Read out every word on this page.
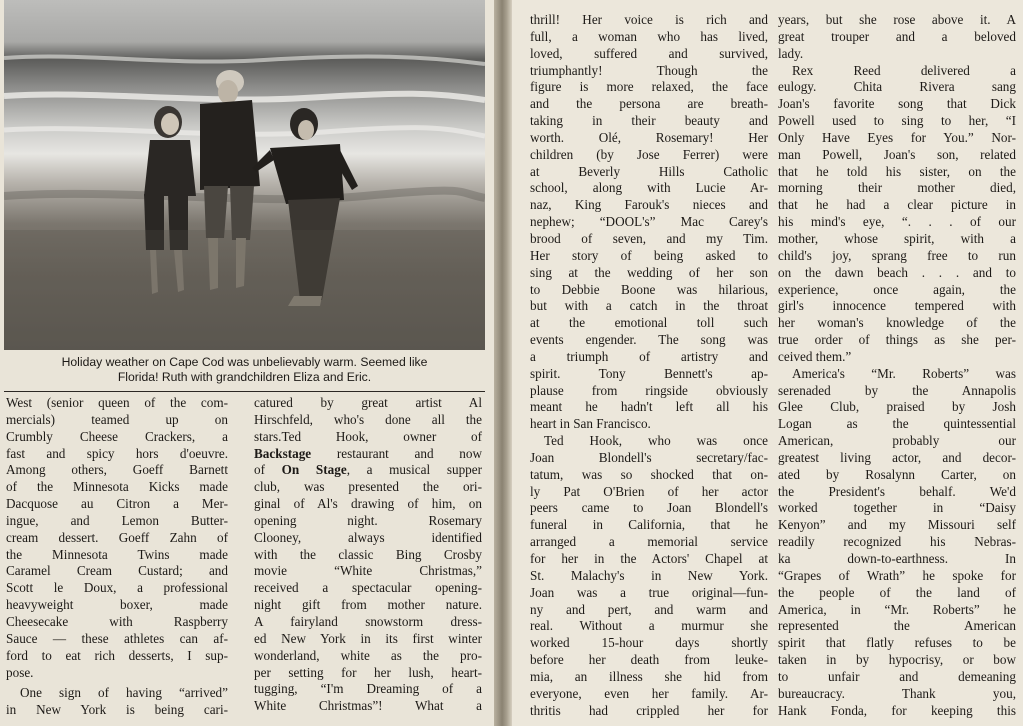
Holiday weather on Cape Cod was unbelievably warm. Seemed like
Florida! Ruth with grandchildren Eliza and Eric.
West (senior queen of the com-
mercials) teamed up on
Crumbly Cheese Crackers, a
fast and spicy hors d'oeuvre.
Among others, Goeff Barnett
of the Minnesota Kicks made
Dacquose au Citron a Mer-
ingue, and Lemon Butter-
cream dessert. Goeff Zahn of
the Minnesota Twins made
Caramel Cream Custard; and
Scott le Doux, a professional
heavyweight boxer, made
Cheesecake with Raspberry
Sauce — these athletes can af-
ford to eat rich desserts, I sup-
pose.
One sign of having “arrived”
in New York is being cari-
catured by great artist Al
Hirschfeld, who's done all the
stars.Ted Hook, owner of
Backstage restaurant and now
of On Stage, a musical supper
club, was presented the ori-
ginal of Al's drawing of him, on
opening night. Rosemary
Clooney, always identified
with the classic Bing Crosby
movie “White Christmas,”
received a spectacular opening-
night gift from mother nature.
A fairyland snowstorm dress-
ed New York in its first winter
wonderland, white as the pro-
per setting for her lush, heart-
tugging, “I'm Dreaming of a
White Christmas”! What a
thrill! Her voice is rich and
full, a woman who has lived,
loved, suffered and survived,
triumphantly! Though the
figure is more relaxed, the face
and the persona are breath-
taking in their beauty and
worth. Olé, Rosemary! Her
children (by Jose Ferrer) were
at Beverly Hills Catholic
school, along with Lucie Ar-
naz, King Farouk's nieces and
nephew; “DOOL's” Mac Carey's
brood of seven, and my Tim.
Her story of being asked to
sing at the wedding of her son
to Debbie Boone was hilarious,
but with a catch in the throat
at the emotional toll such
events engender. The song was
a triumph of artistry and
spirit. Tony Bennett's ap-
plause from ringside obviously
meant he hadn't left all his
heart in San Francisco.
Ted Hook, who was once
Joan Blondell's secretary/fac-
tatum, was so shocked that on-
ly Pat O'Brien of her actor
peers came to Joan Blondell's
funeral in California, that he
arranged a memorial service
for her in the Actors' Chapel at
St. Malachy's in New York.
Joan was a true original—fun-
ny and pert, and warm and
real. Without a murmur she
worked 15-hour days shortly
before her death from leuke-
mia, an illness she hid from
everyone, even her family. Ar-
thritis had crippled her for
years, but she rose above it. A
great trouper and a beloved
lady.
Rex Reed delivered a
eulogy. Chita Rivera sang
Joan's favorite song that Dick
Powell used to sing to her, “I
Only Have Eyes for You.” Nor-
man Powell, Joan's son, related
that he told his sister, on the
morning their mother died,
that he had a clear picture in
his mind's eye, “. . . of our
mother, whose spirit, with a
child's joy, sprang free to run
on the dawn beach . . . and to
experience, once again, the
girl's innocence tempered with
her woman's knowledge of the
true order of things as she per-
ceived them.”
America's “Mr. Roberts” was
serenaded by the Annapolis
Glee Club, praised by Josh
Logan as the quintessential
American, probably our
greatest living actor, and decor-
ated by Rosalynn Carter, on
the President's behalf. We'd
worked together in “Daisy
Kenyon” and my Missouri self
readily recognized his Nebras-
ka down-to-earthness. In
“Grapes of Wrath” he spoke for
the people of the land of
America, in “Mr. Roberts” he
represented the American
spirit that flatly refuses to be
taken in by hypocrisy, or bow
to unfair and demeaning
bureaucracy. Thank you,
Hank Fonda, for keeping this
